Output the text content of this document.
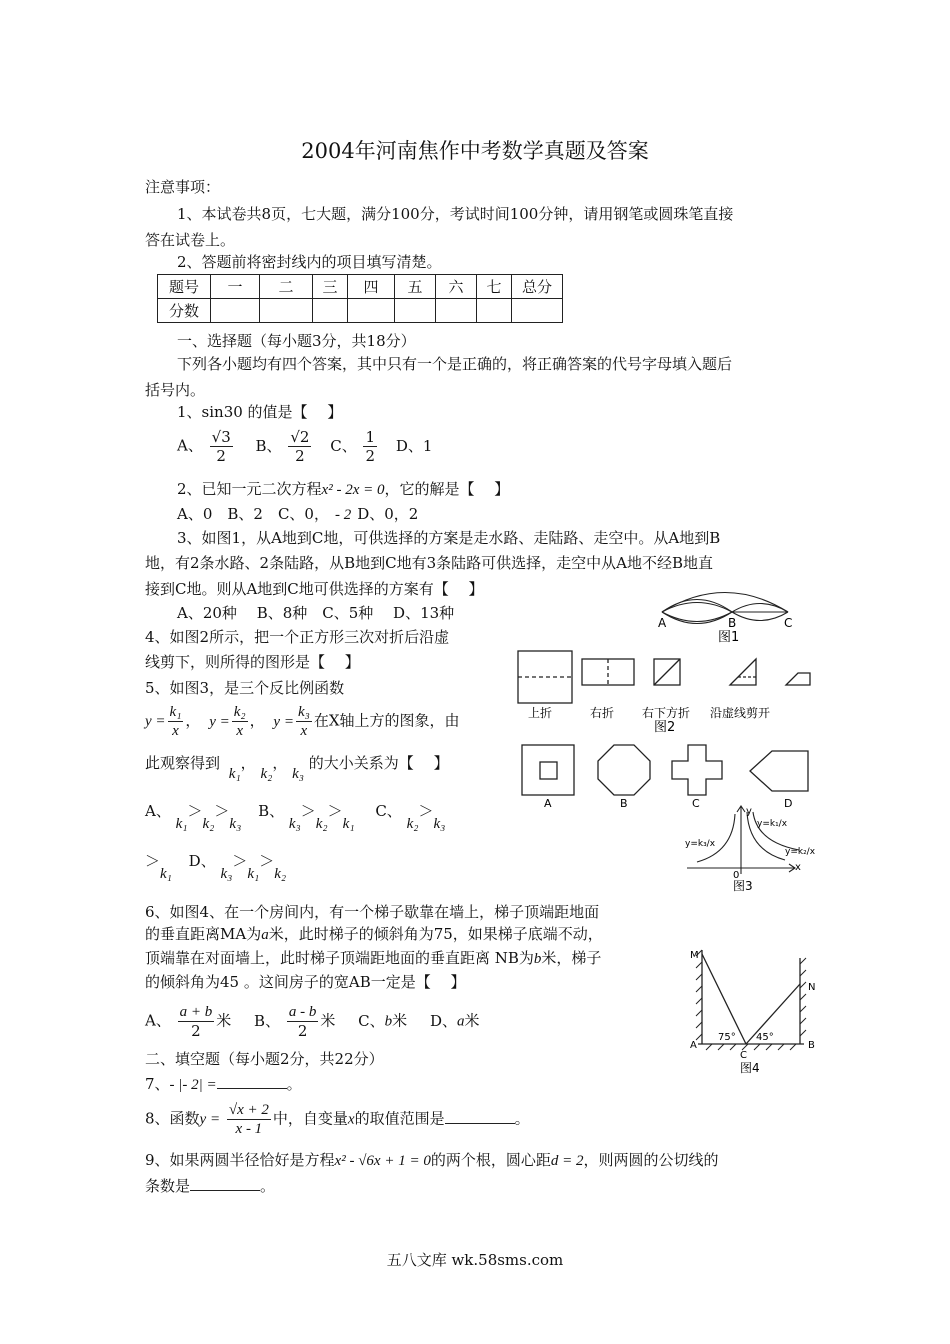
2004年河南焦作中考数学真题及答案
注意事项：
1、本试卷共8页，七大题，满分100分，考试时间100分钟，请用钢笔或圆珠笔直接
答在试卷上。
2、答题前将密封线内的项目填写清楚。
题号	一	二	三	四	五	六	七	总分
分数								
一、选择题（每小题3分，共18分）
下列各小题均有四个答案，其中只有一个是正确的，将正确答案的代号字母填入题后
括号内。
1、sin30 的值是【　 】
A、 $\frac{√3}{2}$ B、 $\frac{√2}{2}$ C、 $\frac{1}{2}$ D、1
2、已知一元二次方程x² - 2x = 0，它的解是【　 】
A、0　B、2　C、0， - 2 D、0，2
3、如图1，从A地到C地，可供选择的方案是走水路、走陆路、走空中。从A地到B
地，有2条水路、2条陆路，从B地到C地有3条陆路可供选择，走空中从A地不经B地直
接到C地。则从A地到C地可供选择的方案有【　 】
A、20种　 B、8种　C、5种　 D、13种
4、如图2所示，把一个正方形三次对折后沿虚
线剪下，则所得的图形是【　 】
5、如图3，是三个反比例函数
$y = \frac{\text{k₁}}{x}$ ， $y = \frac{\text{k₂}}{x}$ ， $y = \frac{\text{k₃}}{x}$ 在X轴上方的图象，由
此观察得到 k₁， k₂， k₃ 的大小关系为【　 】
A、 k₁＞k₂＞k₃ B、 k₃＞k₂＞k₁ C、 k₂＞k₃
＞k₁ D、 k₃＞k₁＞k₂
6、如图4、在一个房间内，有一个梯子歇靠在墙上，梯子顶端距地面
的垂直距离MA为a米，此时梯子的倾斜角为75，如果梯子底端不动，
顶端靠在对面墙上，此时梯子顶端距地面的垂直距离 NB为b米，梯子
的倾斜角为45 。这间房子的宽AB一定是【　 】
A、 $\frac{a + b}{2}$ 米 B、 $\frac{a - b}{2}$ 米 C、b米 D、a米
二、填空题（每小题2分，共22分）
7、- |- 2| =	。
8、函数$y = \frac{√x + 2}{x - 1}$ 中，自变量x的取值范围是	。
9、如果两圆半径恰好是方程x² - √6x + 1 = 0的两个根，圆心距d = 2，则两圆的公切线的
条数是	。
A	B	C
图1
上折	右折 右下方折 沿虚线剪开
图2
A	B	C	D
y
x
0
y=k₃/x
y=k₁/x
y=k₂/x
图3
M
N
A	B
C
75° 45°
图4
五八文库 wk.58sms.com
